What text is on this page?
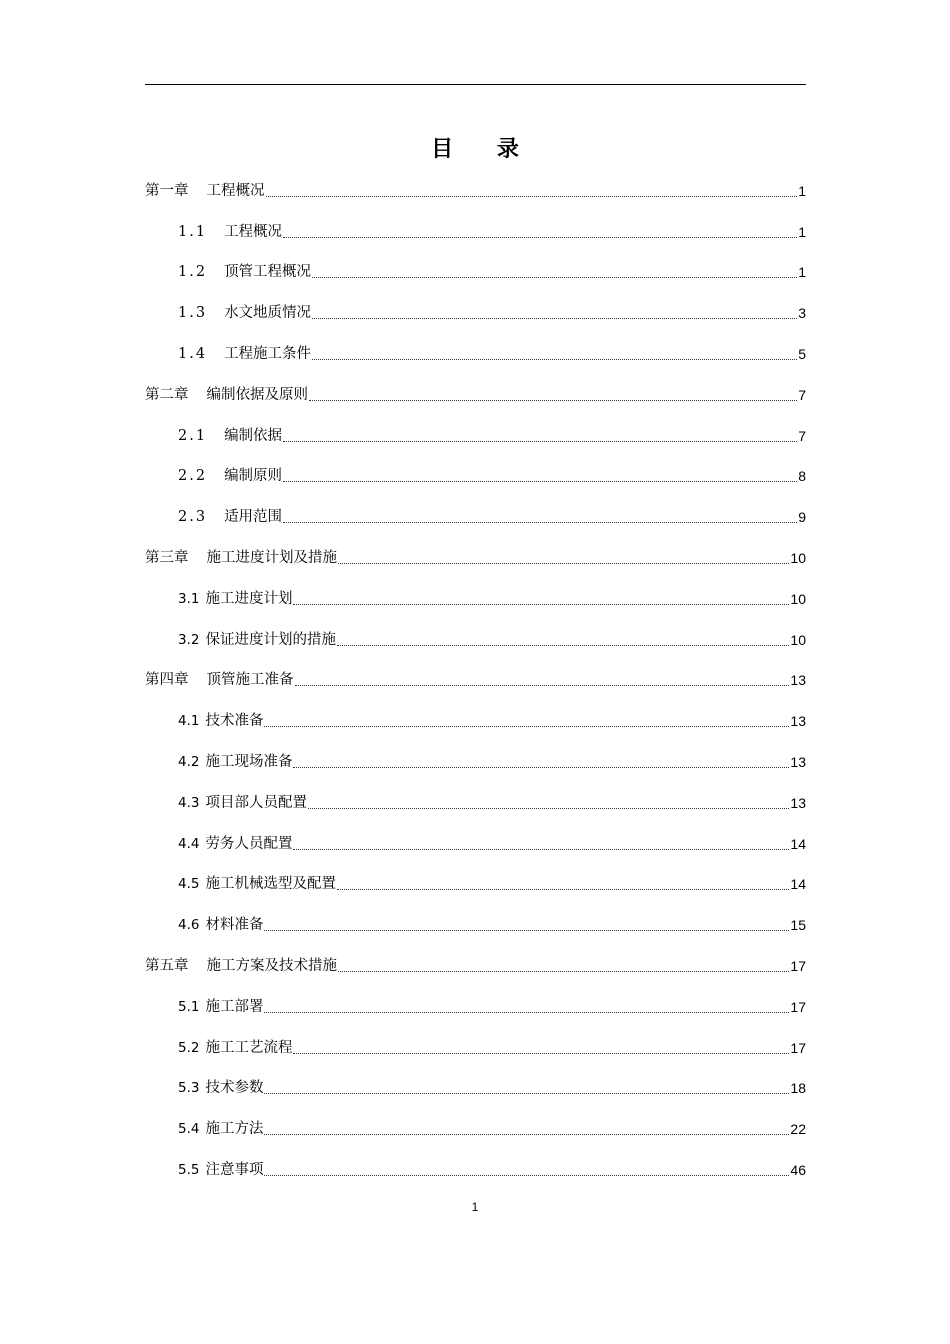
目 录
第一章 工程概况	1
1.1 工程概况	1
1.2 顶管工程概况	1
1.3 水文地质情况	3
1.4 工程施工条件	5
第二章 编制依据及原则	7
2.1 编制依据	7
2.2 编制原则	8
2.3 适用范围	9
第三章 施工进度计划及措施	10
3.1 施工进度计划	10
3.2 保证进度计划的措施	10
第四章 顶管施工准备	13
4.1 技术准备	13
4.2 施工现场准备	13
4.3 项目部人员配置	13
4.4 劳务人员配置	14
4.5 施工机械选型及配置	14
4.6 材料准备	15
第五章 施工方案及技术措施	17
5.1 施工部署	17
5.2 施工工艺流程	17
5.3 技术参数	18
5.4 施工方法	22
5.5 注意事项	46
1
